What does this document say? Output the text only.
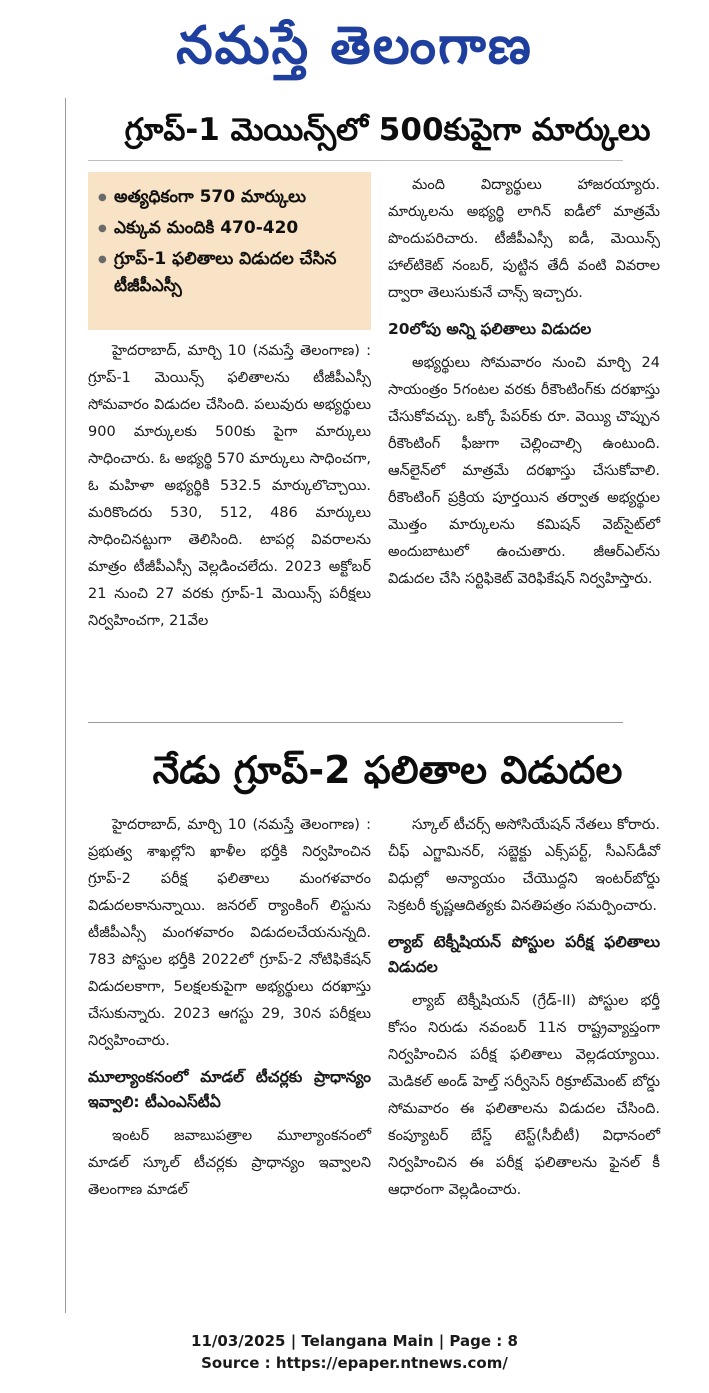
నమస్తే తెలంగాణ
గ్రూప్-1 మెయిన్స్‌లో 500కుపైగా మార్కులు
● అత్యధికంగా 570 మార్కులు
● ఎక్కువ మందికి 470-420
● గ్రూప్-1 ఫలితాలు విడుదల చేసిన టీజీపీఎస్సీ

హైదరాబాద్, మార్చి 10 (నమస్తే తెలంగాణ) : గ్రూప్-1 మెయిన్స్ ఫలితాలను టీజీపీఎస్సీ సోమవారం విడుదల చేసింది. పలువురు అభ్యర్థులు 900 మార్కులకు 500కు పైగా మార్కులు సాధించారు. ఓ అభ్యర్థి 570 మార్కులు సాధించగా, ఓ మహిళా అభ్యర్థికి 532.5 మార్కులొచ్చాయి. మరికొందరు 530, 512, 486 మార్కులు సాధించినట్టుగా తెలిసింది. టాపర్ల వివరాలను మాత్రం టీజీపీఎస్సీ వెల్లడించలేదు. 2023 అక్టోబర్ 21 నుంచి 27 వరకు గ్రూప్-1 మెయిన్స్ పరీక్షలు నిర్వహించగా, 21వేల

మంది విద్యార్థులు హాజరయ్యారు. మార్కులను అభ్యర్థి లాగిన్ ఐడీలో మాత్రమే పొందుపరిచారు. టీజీపీఎస్సీ ఐడీ, మెయిన్స్ హాల్‌టికెట్ నంబర్, పుట్టిన తేదీ వంటి వివరాల ద్వారా తెలుసుకునే చాన్స్ ఇచ్చారు.

20లోపు అన్ని ఫలితాలు విడుదల

అభ్యర్థులు సోమవారం నుంచి మార్చి 24 సాయంత్రం 5గంటల వరకు రీకౌంటింగ్‌కు దరఖాస్తు చేసుకోవచ్చు. ఒక్కో పేపర్‌కు రూ. వెయ్యి చొప్పున రీకౌంటింగ్ ఫీజుగా చెల్లించాల్సి ఉంటుంది. ఆన్‌లైన్‌లో మాత్రమే దరఖాస్తు చేసుకోవాలి. రీకౌంటింగ్ ప్రక్రియ పూర్తయిన తర్వాత అభ్యర్థుల మొత్తం మార్కులను కమిషన్ వెబ్‌సైట్‌లో అందుబాటులో ఉంచుతారు. జీఆర్‌ఎల్‌ను విడుదల చేసి సర్టిఫికెట్ వెరిఫికేషన్ నిర్వహిస్తారు.

నేడు గ్రూప్-2 ఫలితాల విడుదల

హైదరాబాద్, మార్చి 10 (నమస్తే తెలంగాణ) : ప్రభుత్వ శాఖల్లోని ఖాళీల భర్తీకి నిర్వహించిన గ్రూప్-2 పరీక్ష ఫలితాలు మంగళవారం విడుదలకానున్నాయి. జనరల్ ర్యాంకింగ్ లిస్టును టీజీపీఎస్సీ మంగళవారం విడుదలచేయనున్నది. 783 పోస్టుల భర్తీకి 2022లో గ్రూప్-2 నోటిఫికేషన్ విడుదలకాగా, 5లక్షలకుపైగా అభ్యర్థులు దరఖాస్తు చేసుకున్నారు. 2023 ఆగస్టు 29, 30న పరీక్షలు నిర్వహించారు.

మూల్యాంకనంలో మాడల్ టీచర్లకు ప్రాధాన్యం ఇవ్వాలి: టీఎంఎస్‌టీఏ

ఇంటర్ జవాబుపత్రాల మూల్యాంకనంలో మాడల్ స్కూల్ టీచర్లకు ప్రాధాన్యం ఇవ్వాలని తెలంగాణ మాడల్

స్కూల్ టీచర్స్ అసోసియేషన్ నేతలు కోరారు. చీఫ్ ఎగ్జామినర్, సబ్జెక్టు ఎక్స్‌పర్ట్, సీఎస్‌డీవో విధుల్లో అన్యాయం చేయొద్దని ఇంటర్‌బోర్డు సెక్రటరీ కృష్ణఆదిత్యకు వినతిపత్రం సమర్పించారు.

ల్యాబ్ టెక్నీషియన్ పోస్టుల పరీక్ష ఫలితాలు విడుదల

ల్యాబ్ టెక్నీషియన్ (గ్రేడ్-II) పోస్టుల భర్తీ కోసం నిరుడు నవంబర్ 11న రాష్ట్రవ్యాప్తంగా నిర్వహించిన పరీక్ష ఫలితాలు వెల్లడయ్యాయి. మెడికల్ అండ్ హెల్త్ సర్వీసెస్ రిక్రూట్‌మెంట్ బోర్డు సోమవారం ఈ ఫలితాలను విడుదల చేసింది. కంప్యూటర్ బేస్డ్ టెస్ట్(సీబీటీ) విధానంలో నిర్వహించిన ఈ పరీక్ష ఫలితాలను ఫైనల్ కీ ఆధారంగా వెల్లడించారు.

11/03/2025 | Telangana Main | Page : 8
Source : https://epaper.ntnews.com/
